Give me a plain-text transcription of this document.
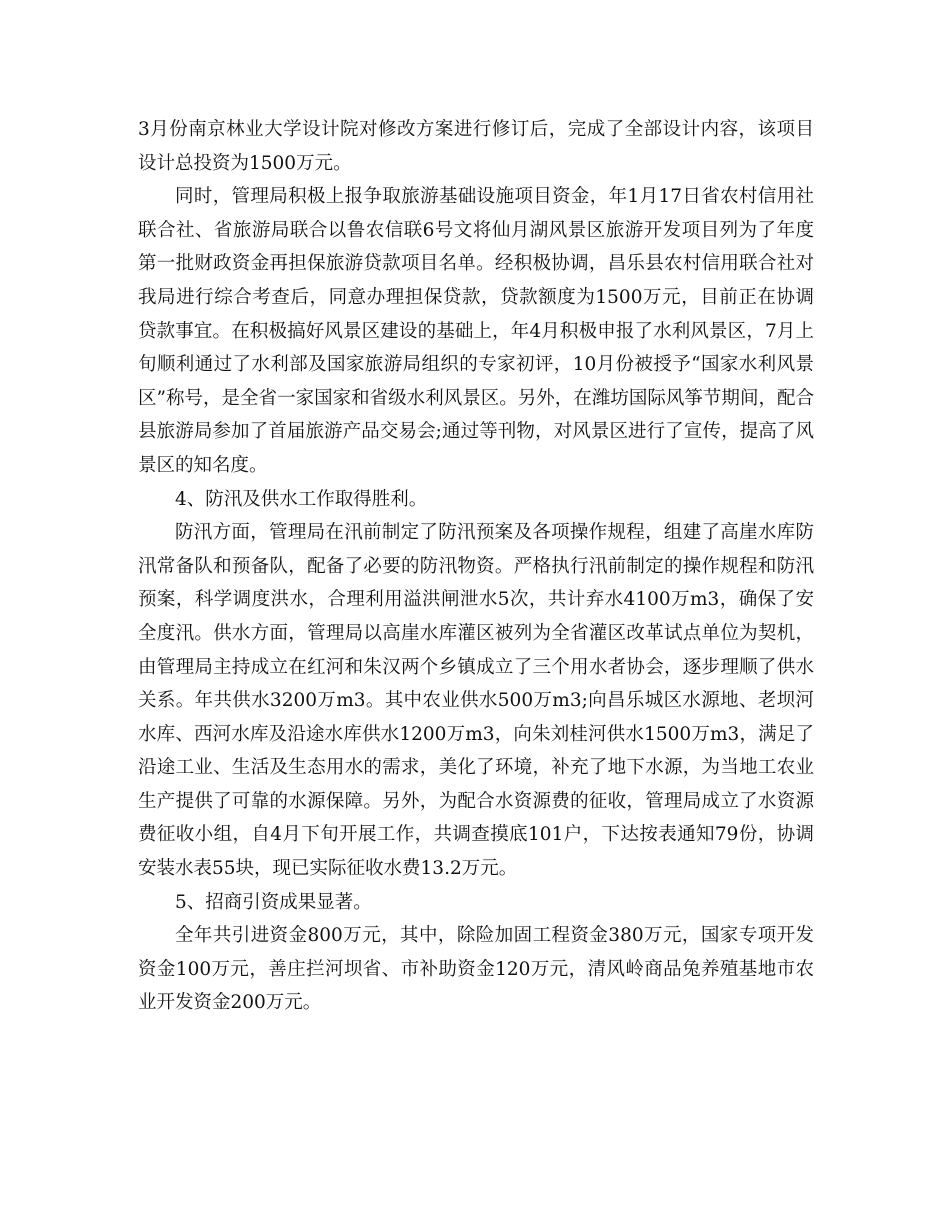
3月份南京林业大学设计院对修改方案进行修订后，完成了全部设计内容，该项目设计总投资为1500万元。

同时，管理局积极上报争取旅游基础设施项目资金，年1月17日省农村信用社联合社、省旅游局联合以鲁农信联6号文将仙月湖风景区旅游开发项目列为了年度第一批财政资金再担保旅游贷款项目名单。经积极协调，昌乐县农村信用联合社对我局进行综合考查后，同意办理担保贷款，贷款额度为1500万元，目前正在协调贷款事宜。在积极搞好风景区建设的基础上，年4月积极申报了水利风景区，7月上旬顺利通过了水利部及国家旅游局组织的专家初评，10月份被授予“国家水利风景区”称号，是全省一家国家和省级水利风景区。另外，在潍坊国际风筝节期间，配合县旅游局参加了首届旅游产品交易会;通过等刊物，对风景区进行了宣传，提高了风景区的知名度。

4、防汛及供水工作取得胜利。

防汛方面，管理局在汛前制定了防汛预案及各项操作规程，组建了高崖水库防汛常备队和预备队，配备了必要的防汛物资。严格执行汛前制定的操作规程和防汛预案，科学调度洪水，合理利用溢洪闸泄水5次，共计弃水4100万m3，确保了安全度汛。供水方面，管理局以高崖水库灌区被列为全省灌区改革试点单位为契机，由管理局主持成立在红河和朱汉两个乡镇成立了三个用水者协会，逐步理顺了供水关系。年共供水3200万m3。其中农业供水500万m3;向昌乐城区水源地、老坝河水库、西河水库及沿途水库供水1200万m3，向朱刘桂河供水1500万m3，满足了沿途工业、生活及生态用水的需求，美化了环境，补充了地下水源，为当地工农业生产提供了可靠的水源保障。另外，为配合水资源费的征收，管理局成立了水资源费征收小组，自4月下旬开展工作，共调查摸底101户，下达按表通知79份，协调安装水表55块，现已实际征收水费13.2万元。

5、招商引资成果显著。

全年共引进资金800万元，其中，除险加固工程资金380万元，国家专项开发资金100万元，善庄拦河坝省、市补助资金120万元，清风岭商品兔养殖基地市农业开发资金200万元。
